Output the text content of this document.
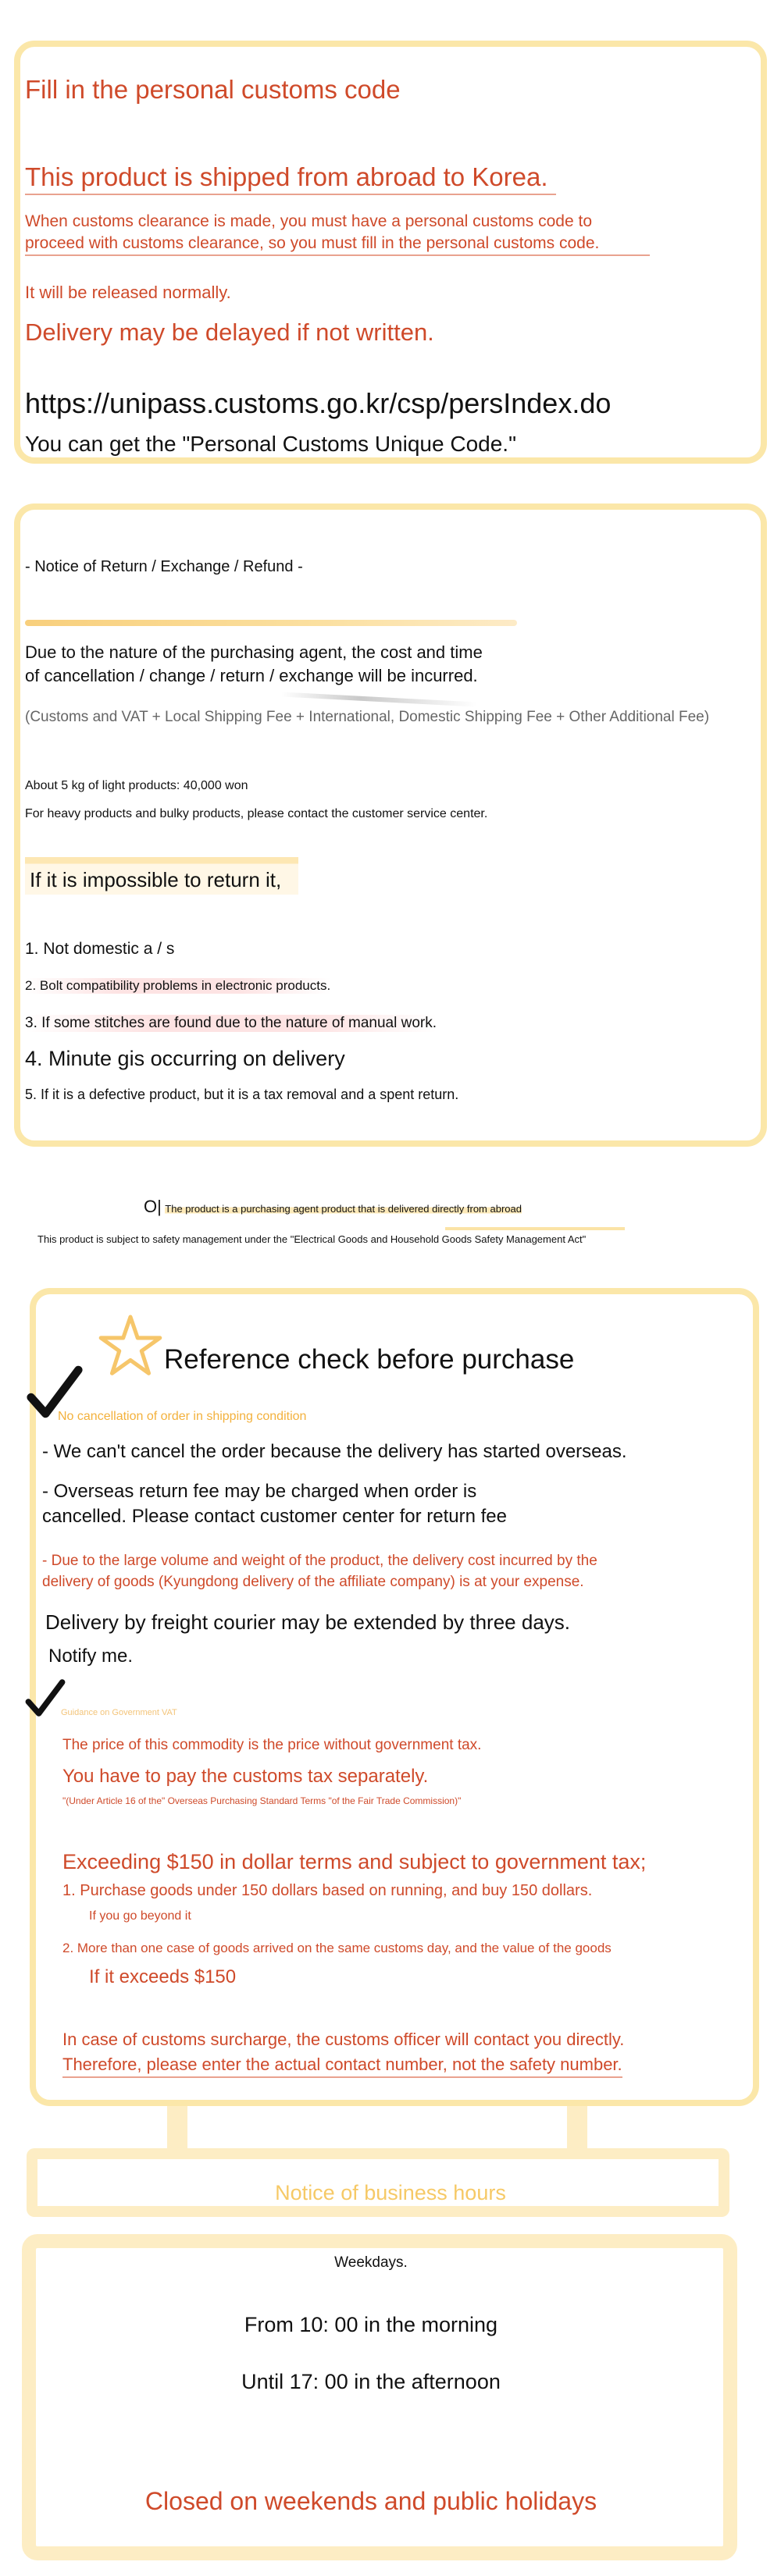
Fill in the personal customs code
This product is shipped from abroad to Korea.
When customs clearance is made, you must have a personal customs code to
proceed with customs clearance, so you must fill in the personal customs code.
It will be released normally.
Delivery may be delayed if not written.
https://unipass.customs.go.kr/csp/persIndex.do
You can get the "Personal Customs Unique Code."
- Notice of Return / Exchange / Refund -
Due to the nature of the purchasing agent, the cost and time
of cancellation / change / return / exchange will be incurred.
(Customs and VAT + Local Shipping Fee + International, Domestic Shipping Fee + Other Additional Fee)
About 5 kg of light products: 40,000 won
For heavy products and bulky products, please contact the customer service center.
If it is impossible to return it,
1. Not domestic a / s
2. Bolt compatibility problems in electronic products.
3. If some stitches are found due to the nature of manual work.
4. Minute gis occurring on delivery
5. If it is a defective product, but it is a tax removal and a spent return.
O| The product is a purchasing agent product that is delivered directly from abroad
This product is subject to safety management under the "Electrical Goods and Household Goods Safety Management Act"
Reference check before purchase
No cancellation of order in shipping condition
- We can't cancel the order because the delivery has started overseas.
- Overseas return fee may be charged when order is
cancelled. Please contact customer center for return fee
- Due to the large volume and weight of the product, the delivery cost incurred by the
delivery of goods (Kyungdong delivery of the affiliate company) is at your expense.
Delivery by freight courier may be extended by three days.
Notify me.
Guidance on Government VAT
The price of this commodity is the price without government tax.
You have to pay the customs tax separately.
"(Under Article 16 of the" Overseas Purchasing Standard Terms "of the Fair Trade Commission)"
Exceeding $150 in dollar terms and subject to government tax;
1. Purchase goods under 150 dollars based on running, and buy 150 dollars.
If you go beyond it
2. More than one case of goods arrived on the same customs day, and the value of the goods
If it exceeds $150
In case of customs surcharge, the customs officer will contact you directly.
Therefore, please enter the actual contact number, not the safety number.
Notice of business hours
Weekdays.
From 10: 00 in the morning
Until 17: 00 in the afternoon
Closed on weekends and public holidays
